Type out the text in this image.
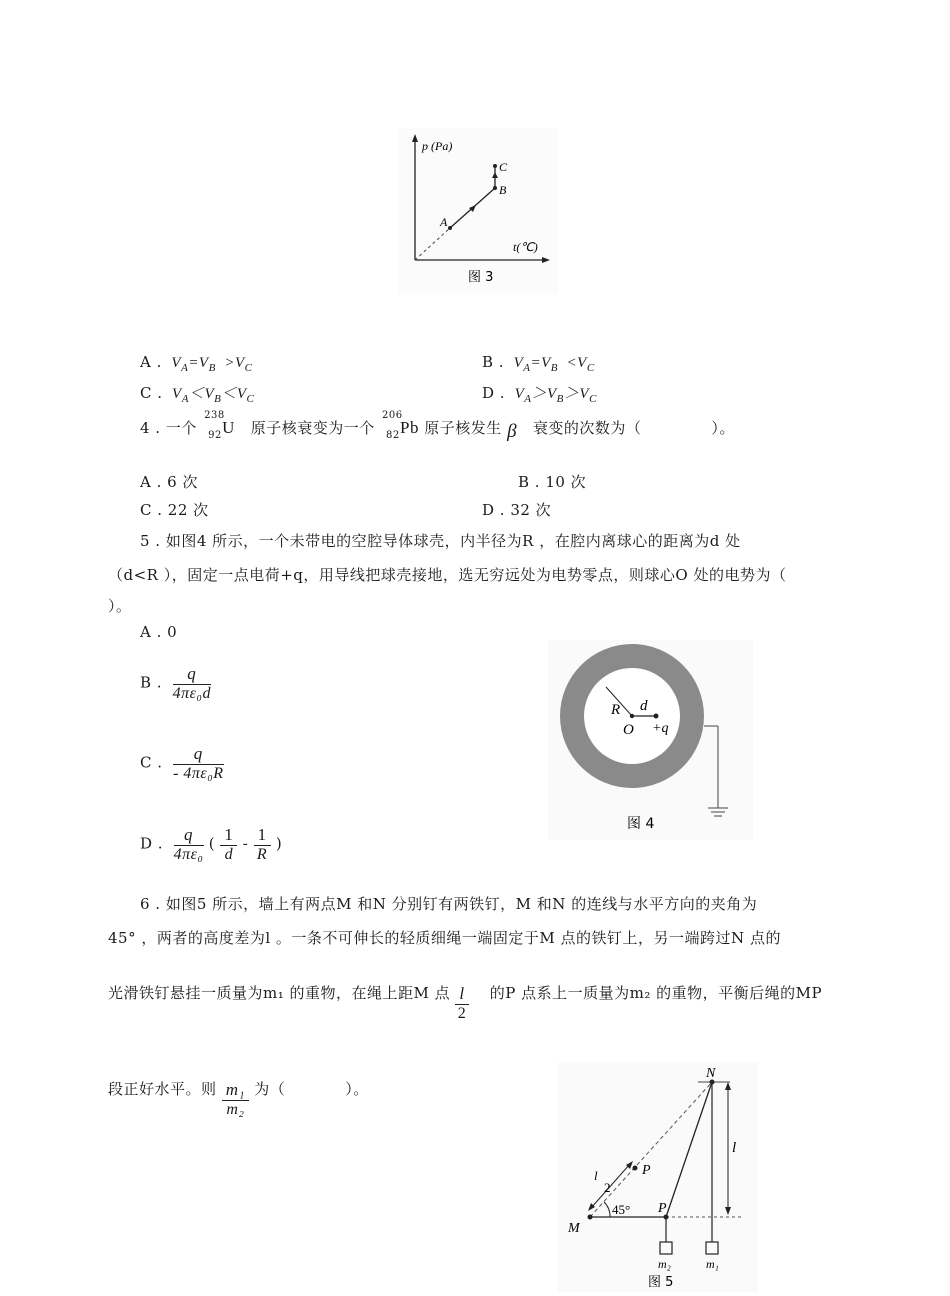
p (Pa)
t(℃)
A
B
C
图 3
A .  $V_A=V_B >V_C$	B .  $V_A=V_B <V_C$
C .  $V_A<V_B<V_C$	D .  $V_A>V_B>V_C$
4 . 一个
238
92 U 原子核衰变为一个
206
82 Pb 原子核发生 β 衰变的次数为（	）。
A . 6 次	B . 10 次
C . 22 次	D . 32 次
5 . 如图4 所示，一个未带电的空腔导体球壳，内半径为R ，在腔内离球心的距离为d 处
（d<R ），固定一点电荷+q，用导线把球壳接地，选无穷远处为电势零点，则球心O 处的电势为（
）。
A . 0
B . $\frac{q}{\text{4πε₀d}}$
C . $\frac{q}{\text{- 4πε₀R}}$
D . $\frac{q}{\text{4πε₀}}$ ( $\frac{1}{d} - \frac{1}{R}$ )
R d
O +q
图 4
6 . 如图5 所示，墙上有两点M 和N 分别钉有两铁钉，M 和N 的连线与水平方向的夹角为
45° ，两者的高度差为l 。一条不可伸长的轻质细绳一端固定于M 点的铁钉上，另一端跨过N 点的
光滑铁钉悬挂一质量为m₁ 的重物，在绳上距M 点 $\frac{l}{2}$ 的P 点系上一质量为m₂ 的重物，平衡后绳的MP
段正好水平。则 $\frac{\text{m₁}}{\text{m₂}}$ 为（	）。
N
M
P
P
l
45°
l
2
m₂	m₁
图 5
